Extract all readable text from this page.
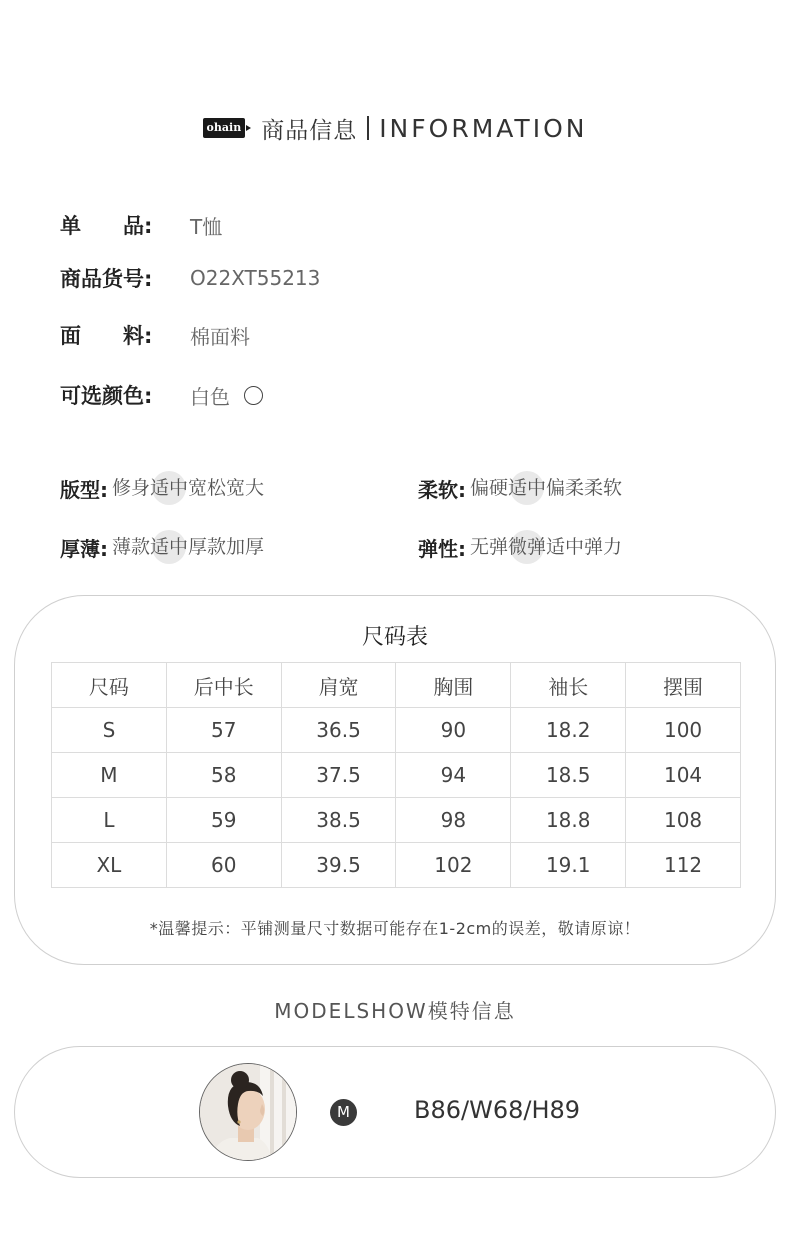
ohain 商品信息 INFORMATION
单　　品:	T恤
商品货号:	O22XT55213
面　　料:	棉面料
可选颜色:	白色
版型: 修身 适中 宽松 宽大	柔软: 偏硬 适中 偏柔 柔软
厚薄: 薄款 适中 厚款 加厚	弹性: 无弹 微弹 适中 弹力
尺码表
尺码	后中长	肩宽	胸围	袖长	摆围
S	57	36.5	90	18.2	100
M	58	37.5	94	18.5	104
L	59	38.5	98	18.8	108
XL	60	39.5	102	19.1	112
*温馨提示：平铺测量尺寸数据可能存在1-2cm的误差，敬请原谅！
MODELSHOW模特信息
M	B86/W68/H89
